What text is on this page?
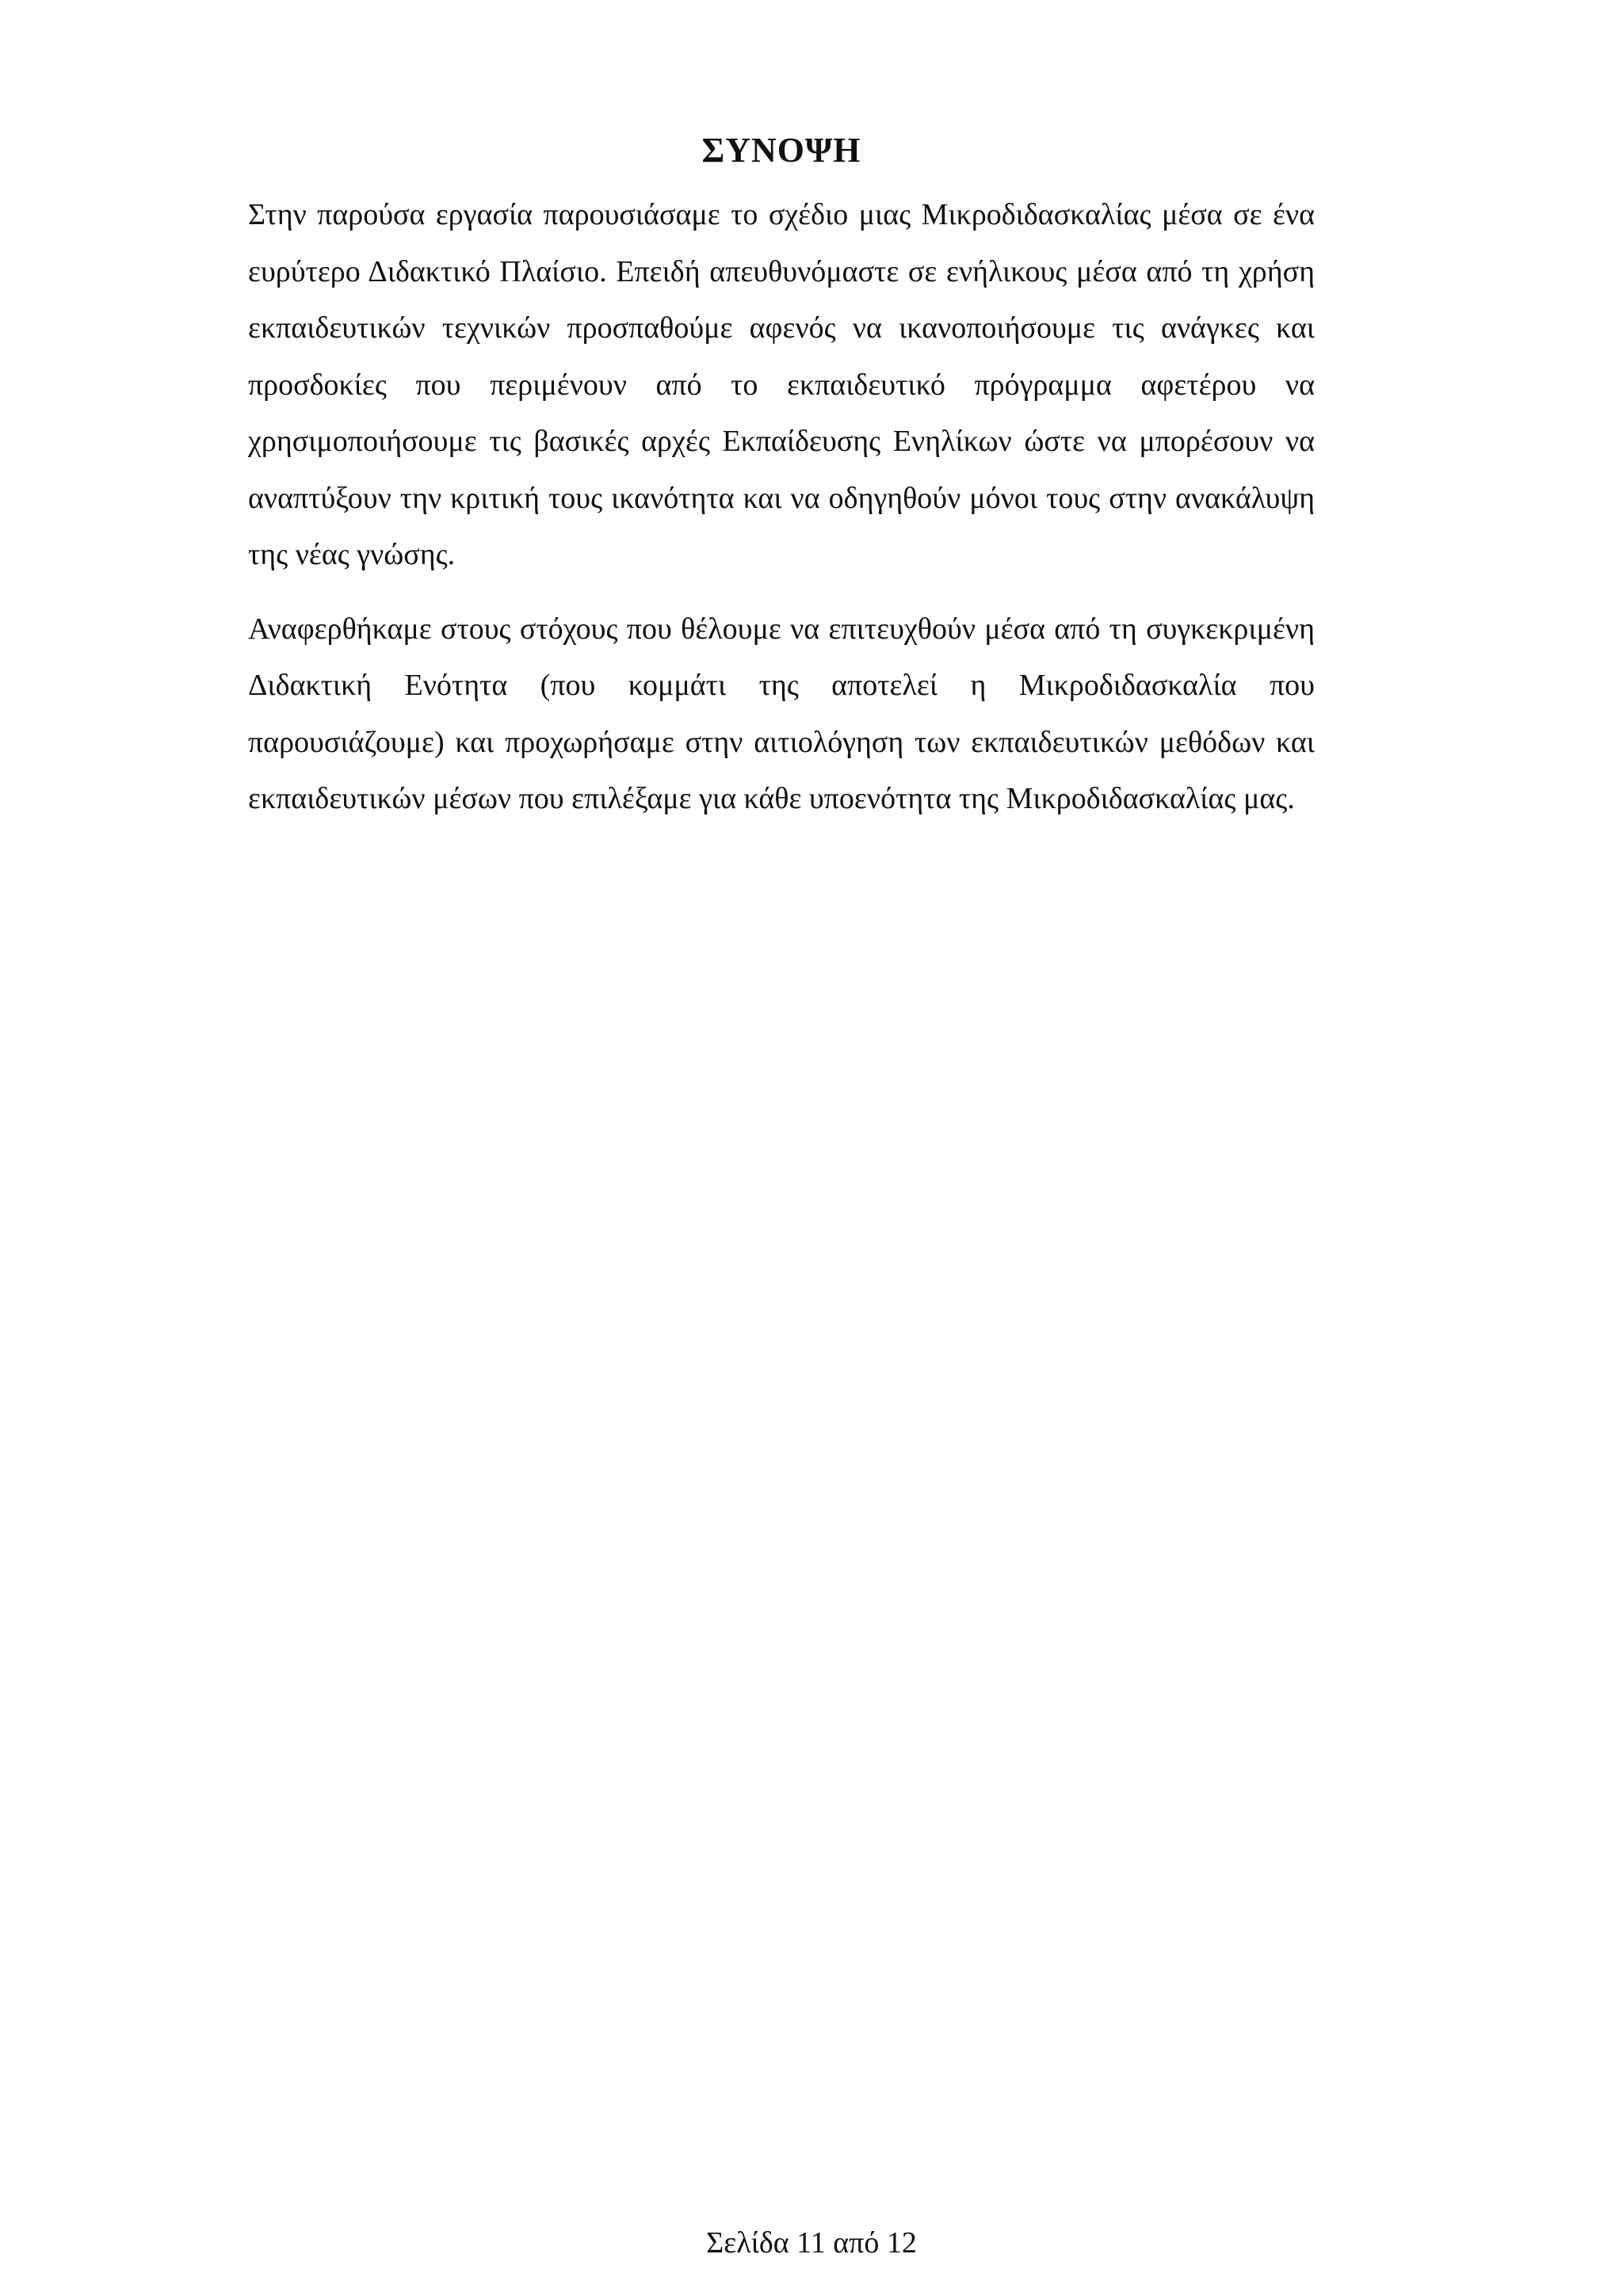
ΣΥΝΟΨΗ

Στην παρούσα εργασία παρουσιάσαμε το σχέδιο μιας Μικροδιδασκαλίας μέσα σε ένα ευρύτερο Διδακτικό Πλαίσιο. Επειδή απευθυνόμαστε σε ενήλικους μέσα από τη χρήση εκπαιδευτικών τεχνικών προσπαθούμε αφενός να ικανοποιήσουμε τις ανάγκες και προσδοκίες που περιμένουν από το εκπαιδευτικό πρόγραμμα αφετέρου να χρησιμοποιήσουμε τις βασικές αρχές Εκπαίδευσης Ενηλίκων ώστε να μπορέσουν να αναπτύξουν την κριτική τους ικανότητα και να οδηγηθούν μόνοι τους στην ανακάλυψη της νέας γνώσης.

Αναφερθήκαμε στους στόχους που θέλουμε να επιτευχθούν μέσα από τη συγκεκριμένη Διδακτική Ενότητα (που κομμάτι της αποτελεί η Μικροδιδασκαλία που παρουσιάζουμε) και προχωρήσαμε στην αιτιολόγηση των εκπαιδευτικών μεθόδων και εκπαιδευτικών μέσων που επιλέξαμε για κάθε υποενότητα της Μικροδιδασκαλίας μας.

Σελίδα 11 από 12
